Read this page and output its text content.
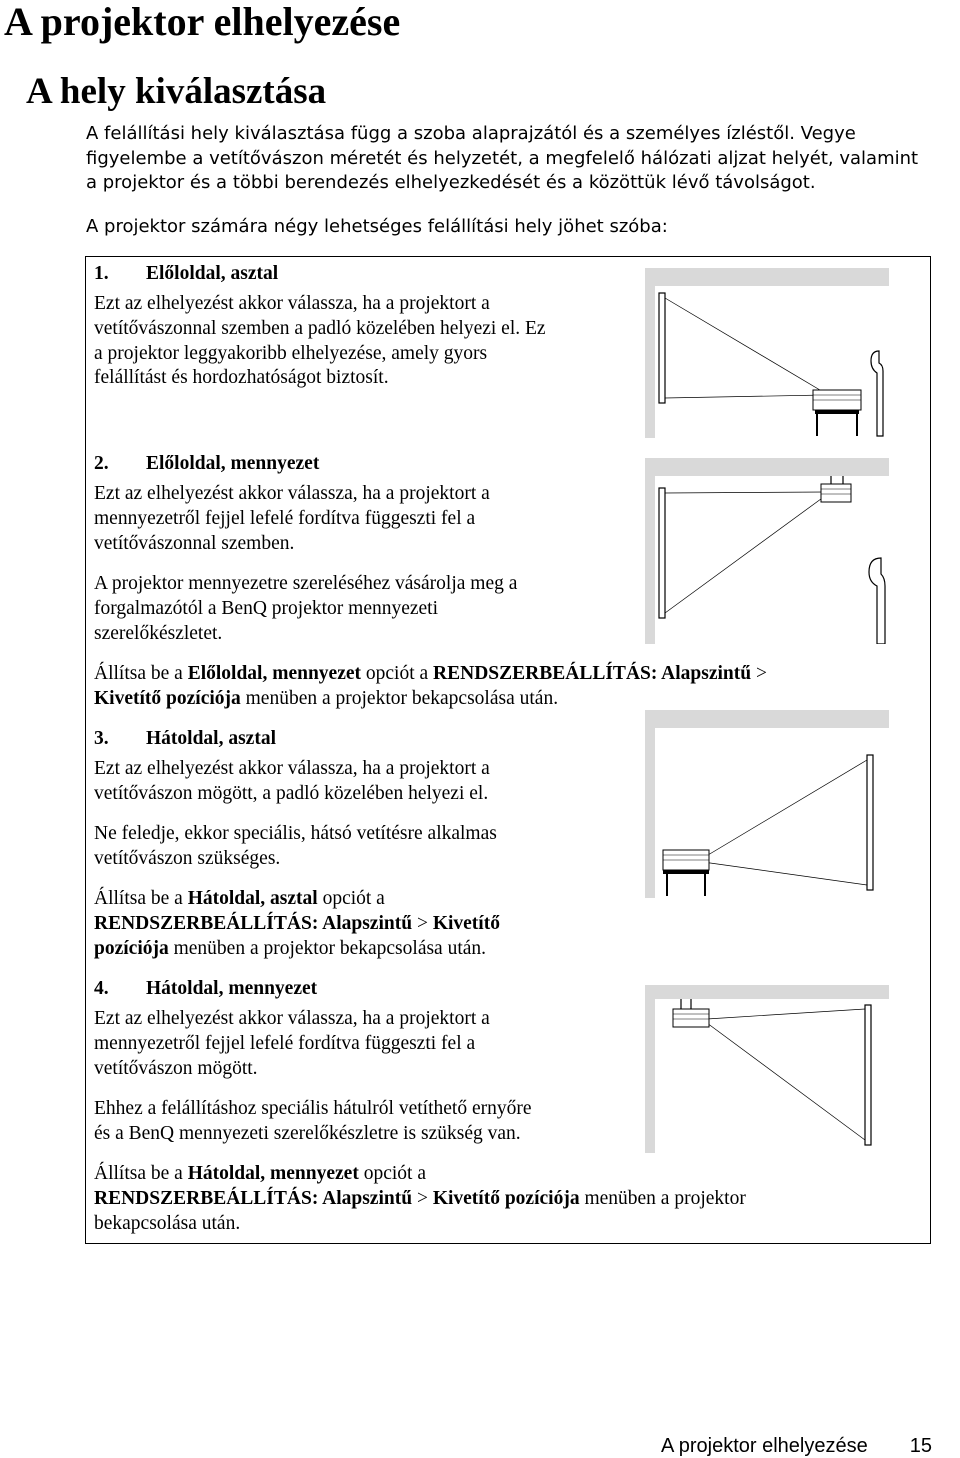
A projektor elhelyezése
A hely kiválasztása
A felállítási hely kiválasztása függ a szoba alaprajzától és a személyes ízléstől. Vegye
figyelembe a vetítővászon méretét és helyzetét, a megfelelő hálózati aljzat helyét, valamint
a projektor és a többi berendezés elhelyezkedését és a közöttük lévő távolságot.
A projektor számára négy lehetséges felállítási hely jöhet szóba:
1. Előloldal, asztal
Ezt az elhelyezést akkor válassza, ha a projektort a
vetítővászonnal szemben a padló közelében helyezi el. Ez
a projektor leggyakoribb elhelyezése, amely gyors
felállítást és hordozhatóságot biztosít.
2. Előloldal, mennyezet
Ezt az elhelyezést akkor válassza, ha a projektort a
mennyezetről fejjel lefelé fordítva függeszti fel a
vetítővászonnal szemben.
A projektor mennyezetre szereléséhez vásárolja meg a
forgalmazótól a BenQ projektor mennyezeti
szerelőkészletet.
Állítsa be a Előloldal, mennyezet opciót a RENDSZERBEÁLLÍTÁS: Alapszintű >
Kivetítő pozíciója menüben a projektor bekapcsolása után.
3. Hátoldal, asztal
Ezt az elhelyezést akkor válassza, ha a projektort a
vetítővászon mögött, a padló közelében helyezi el.
Ne feledje, ekkor speciális, hátsó vetítésre alkalmas
vetítővászon szükséges.
Állítsa be a Hátoldal, asztal opciót a
RENDSZERBEÁLLÍTÁS: Alapszintű > Kivetítő
pozíciója menüben a projektor bekapcsolása után.
4. Hátoldal, mennyezet
Ezt az elhelyezést akkor válassza, ha a projektort a
mennyezetről fejjel lefelé fordítva függeszti fel a
vetítővászon mögött.
Ehhez a felállításhoz speciális hátulról vetíthető ernyőre
és a BenQ mennyezeti szerelőkészletre is szükség van.
Állítsa be a Hátoldal, mennyezet opciót a
RENDSZERBEÁLLÍTÁS: Alapszintű > Kivetítő pozíciója menüben a projektor
bekapcsolása után.
A projektor elhelyezése 15
